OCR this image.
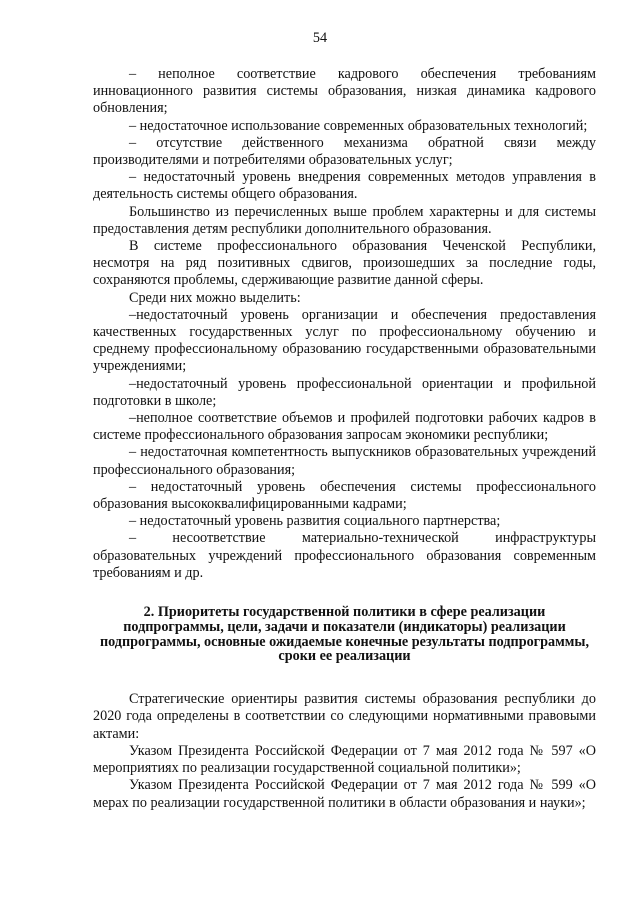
54

– неполное соответствие кадрового обеспечения требованиям инновационного развития системы образования, низкая динамика кадрового обновления;

– недостаточное использование современных образовательных технологий;

– отсутствие действенного механизма обратной связи между производителями и потребителями образовательных услуг;

– недостаточный уровень внедрения современных методов управления в деятельность системы общего образования.

Большинство из перечисленных выше проблем характерны и для системы предоставления детям республики дополнительного образования.

В системе профессионального образования Чеченской Республики, несмотря на ряд позитивных сдвигов, произошедших за последние годы, сохраняются проблемы, сдерживающие развитие данной сферы.

Среди них можно выделить:

–недостаточный уровень организации и обеспечения предоставления качественных государственных услуг по профессиональному обучению и среднему профессиональному образованию государственными образовательными учреждениями;

–недостаточный уровень профессиональной ориентации и профильной подготовки в школе;

–неполное соответствие объемов и профилей подготовки рабочих кадров в системе профессионального образования запросам экономики республики;

– недостаточная компетентность выпускников образовательных учреждений профессионального образования;

– недостаточный уровень обеспечения системы профессионального образования высококвалифицированными кадрами;

– недостаточный уровень развития социального партнерства;

– несоответствие материально-технической инфраструктуры образовательных учреждений профессионального образования современным требованиям и др.

2. Приоритеты государственной политики в сфере реализации подпрограммы, цели, задачи и показатели (индикаторы) реализации подпрограммы, основные ожидаемые конечные результаты подпрограммы, сроки ее реализации

Стратегические ориентиры развития системы образования республики до 2020 года определены в соответствии со следующими нормативными правовыми актами:

Указом Президента Российской Федерации от 7 мая 2012 года № 597 «О мероприятиях по реализации государственной социальной политики»;

Указом Президента Российской Федерации от 7 мая 2012 года № 599 «О мерах по реализации государственной политики в области образования и науки»;
